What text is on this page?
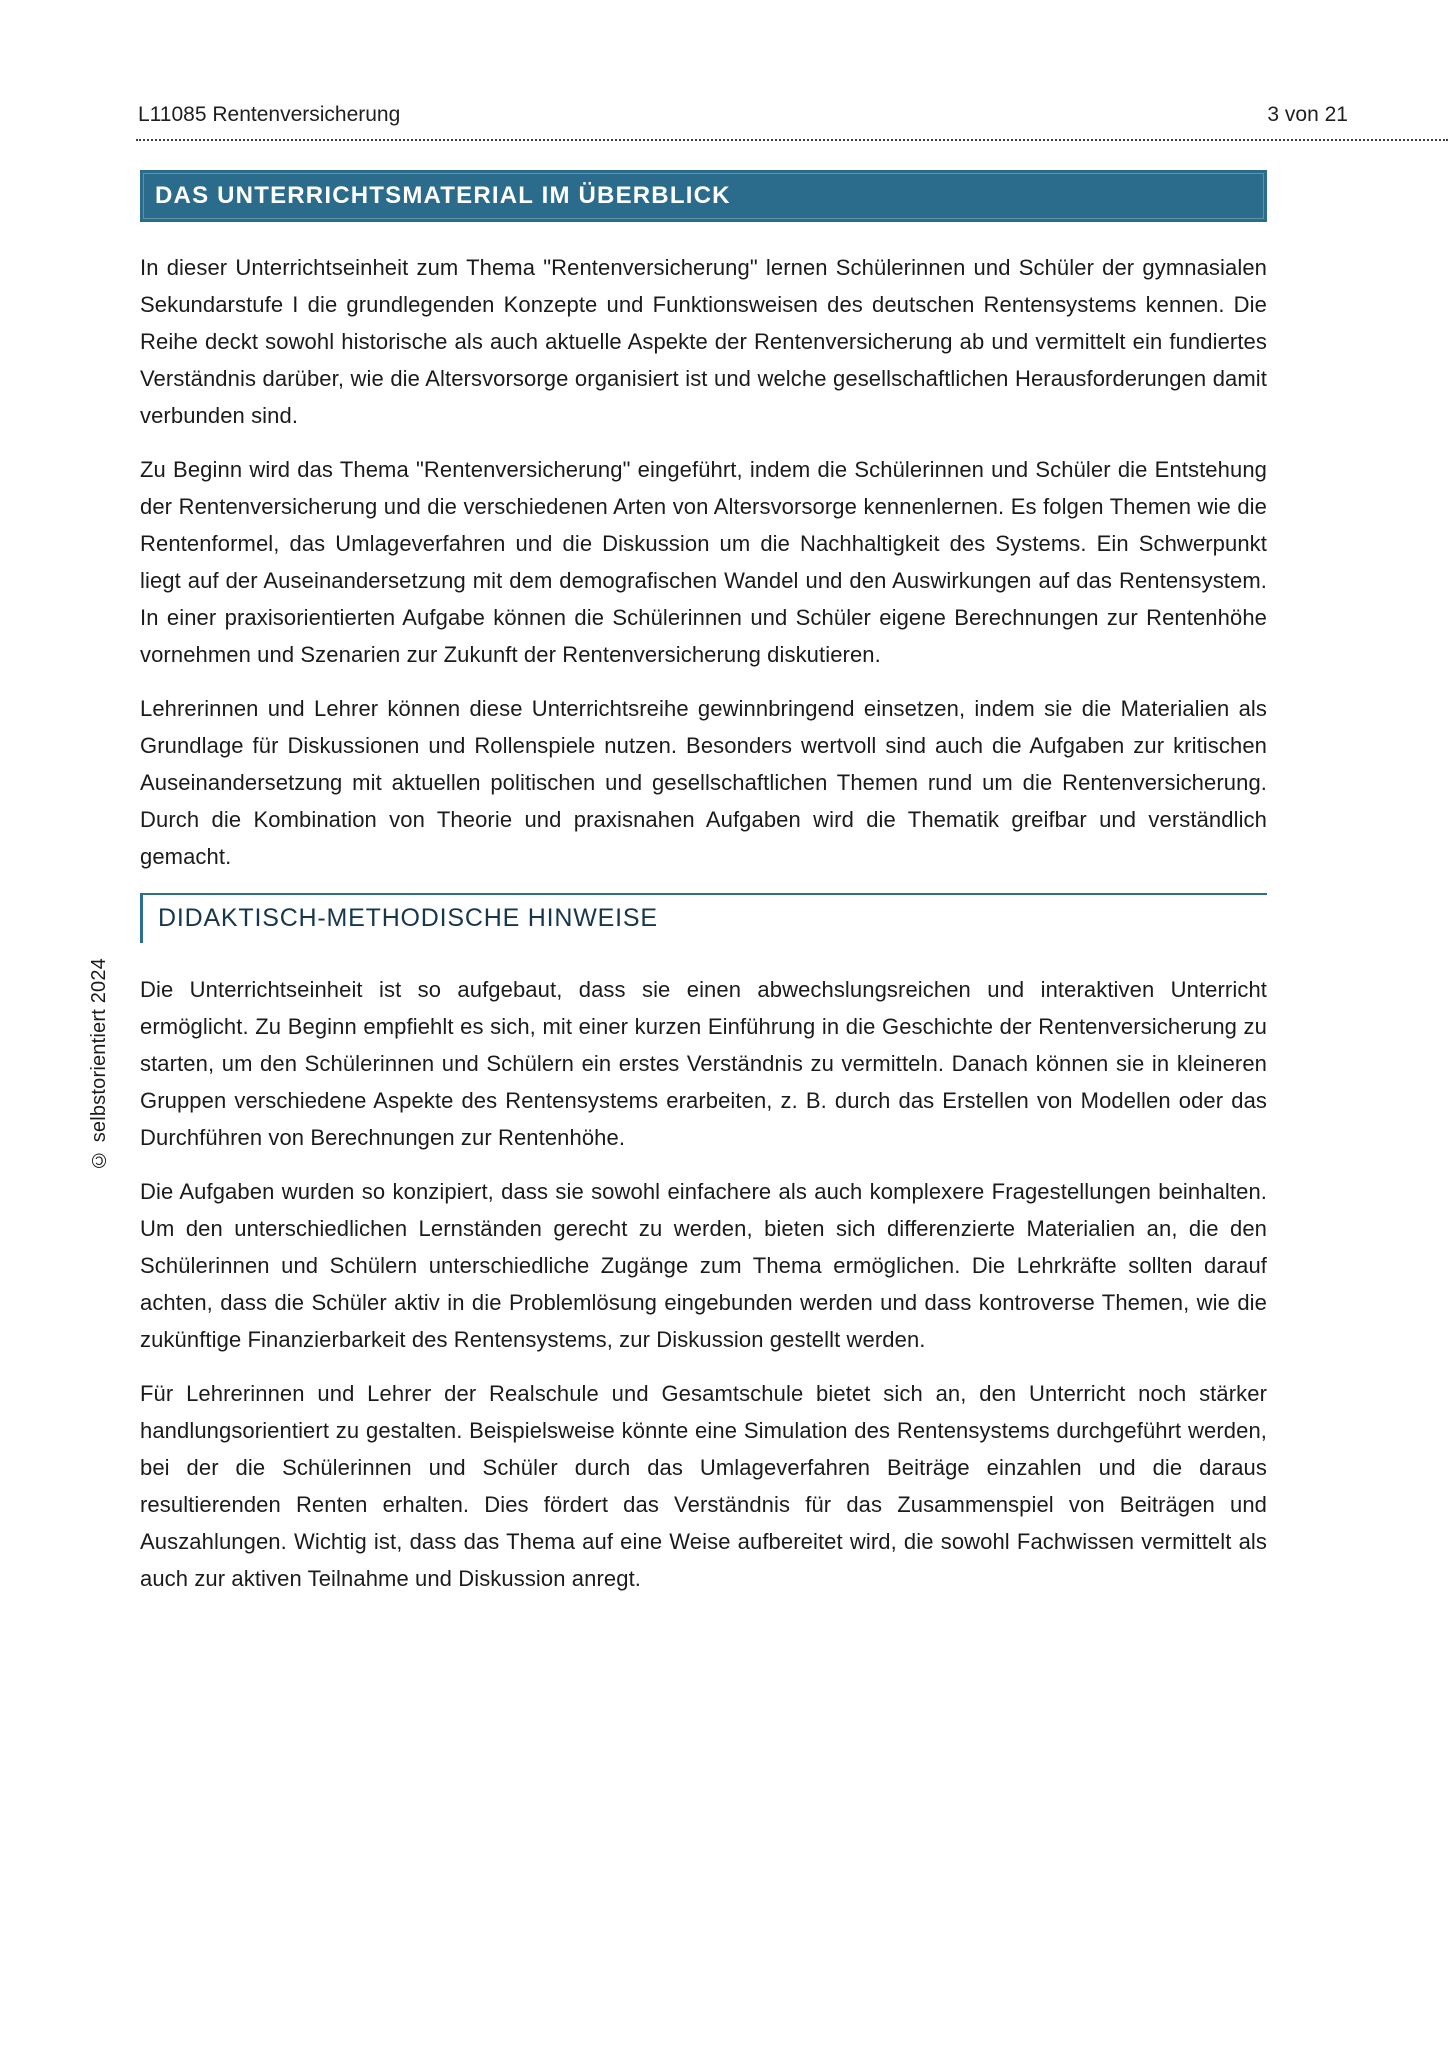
L11085 Rentenversicherung	3 von 21
© selbstorientiert 2024
DAS UNTERRICHTSMATERIAL IM ÜBERBLICK

In dieser Unterrichtseinheit zum Thema "Rentenversicherung" lernen Schülerinnen und Schüler der gymnasialen Sekundarstufe I die grundlegenden Konzepte und Funktionsweisen des deutschen Rentensystems kennen. Die Reihe deckt sowohl historische als auch aktuelle Aspekte der Rentenversicherung ab und vermittelt ein fundiertes Verständnis darüber, wie die Altersvorsorge organisiert ist und welche gesellschaftlichen Herausforderungen damit verbunden sind.

Zu Beginn wird das Thema "Rentenversicherung" eingeführt, indem die Schülerinnen und Schüler die Entstehung der Rentenversicherung und die verschiedenen Arten von Altersvorsorge kennenlernen. Es folgen Themen wie die Rentenformel, das Umlageverfahren und die Diskussion um die Nachhaltigkeit des Systems. Ein Schwerpunkt liegt auf der Auseinandersetzung mit dem demografischen Wandel und den Auswirkungen auf das Rentensystem. In einer praxisorientierten Aufgabe können die Schülerinnen und Schüler eigene Berechnungen zur Rentenhöhe vornehmen und Szenarien zur Zukunft der Rentenversicherung diskutieren.

Lehrerinnen und Lehrer können diese Unterrichtsreihe gewinnbringend einsetzen, indem sie die Materialien als Grundlage für Diskussionen und Rollenspiele nutzen. Besonders wertvoll sind auch die Aufgaben zur kritischen Auseinandersetzung mit aktuellen politischen und gesellschaftlichen Themen rund um die Rentenversicherung. Durch die Kombination von Theorie und praxisnahen Aufgaben wird die Thematik greifbar und verständlich gemacht.

DIDAKTISCH-METHODISCHE HINWEISE

Die Unterrichtseinheit ist so aufgebaut, dass sie einen abwechslungsreichen und interaktiven Unterricht ermöglicht. Zu Beginn empfiehlt es sich, mit einer kurzen Einführung in die Geschichte der Rentenversicherung zu starten, um den Schülerinnen und Schülern ein erstes Verständnis zu vermitteln. Danach können sie in kleineren Gruppen verschiedene Aspekte des Rentensystems erarbeiten, z. B. durch das Erstellen von Modellen oder das Durchführen von Berechnungen zur Rentenhöhe.

Die Aufgaben wurden so konzipiert, dass sie sowohl einfachere als auch komplexere Fragestellungen beinhalten. Um den unterschiedlichen Lernständen gerecht zu werden, bieten sich differenzierte Materialien an, die den Schülerinnen und Schülern unterschiedliche Zugänge zum Thema ermöglichen. Die Lehrkräfte sollten darauf achten, dass die Schüler aktiv in die Problemlösung eingebunden werden und dass kontroverse Themen, wie die zukünftige Finanzierbarkeit des Rentensystems, zur Diskussion gestellt werden.

Für Lehrerinnen und Lehrer der Realschule und Gesamtschule bietet sich an, den Unterricht noch stärker handlungsorientiert zu gestalten. Beispielsweise könnte eine Simulation des Rentensystems durchgeführt werden, bei der die Schülerinnen und Schüler durch das Umlageverfahren Beiträge einzahlen und die daraus resultierenden Renten erhalten. Dies fördert das Verständnis für das Zusammenspiel von Beiträgen und Auszahlungen. Wichtig ist, dass das Thema auf eine Weise aufbereitet wird, die sowohl Fachwissen vermittelt als auch zur aktiven Teilnahme und Diskussion anregt.
